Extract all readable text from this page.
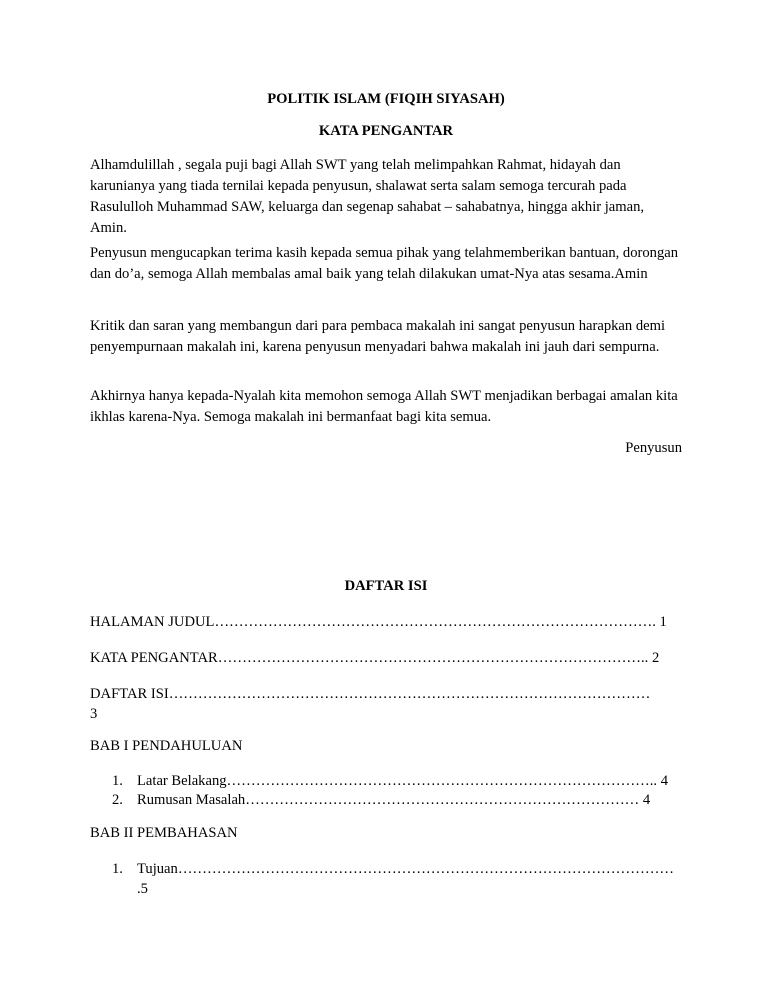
POLITIK ISLAM (FIQIH SIYASAH)
KATA PENGANTAR

Alhamdulillah , segala puji bagi Allah SWT yang telah melimpahkan Rahmat, hidayah dan karunianya yang tiada ternilai kepada penyusun, shalawat serta salam semoga tercurah pada Rasululloh Muhammad SAW, keluarga dan segenap sahabat – sahabatnya, hingga akhir jaman, Amin.

Penyusun mengucapkan terima kasih kepada semua pihak yang telahmemberikan bantuan, dorongan dan do’a, semoga Allah membalas amal baik yang telah dilakukan umat-Nya atas sesama.Amin

Kritik dan saran yang membangun dari para pembaca makalah ini sangat penyusun harapkan demi penyempurnaan makalah ini, karena penyusun menyadari bahwa makalah ini jauh dari sempurna.

Akhirnya hanya kepada-Nyalah kita memohon semoga Allah SWT menjadikan berbagai amalan kita ikhlas karena-Nya. Semoga makalah ini bermanfaat bagi kita semua.

Penyusun
DAFTAR ISI
HALAMAN JUDUL………………………………………………………………………………. 1
KATA PENGANTAR…………………………………………………………………………….. 2
DAFTAR ISI………………………………………………………………………………………
3
BAB I PENDAHULUAN
1. Latar Belakang…………………………………………………………………………….. 4
2. Rumusan Masalah……………………………………………………………………… 4
BAB II PEMBAHASAN
1. Tujuan…………………………………………………………………………………………
.5
